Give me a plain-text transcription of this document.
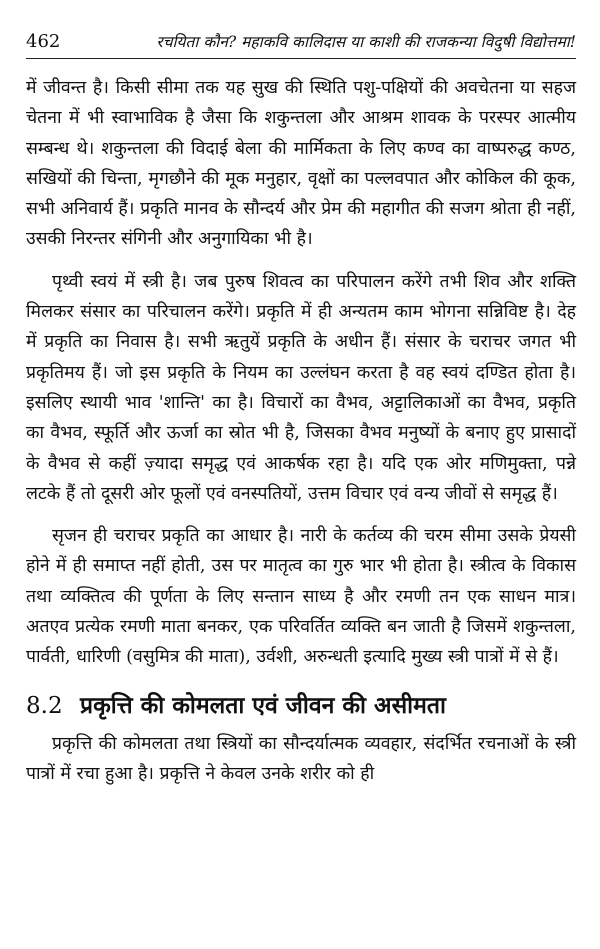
462	रचयिता कौन? महाकवि कालिदास या काशी की राजकन्या विदुषी विद्योत्तमा!

में जीवन्त है। किसी सीमा तक यह सुख की स्थिति पशु-पक्षियों की अवचेतना या सहज चेतना में भी स्वाभाविक है जैसा कि शकुन्तला और आश्रम शावक के परस्पर आत्मीय सम्बन्ध थे। शकुन्तला की विदाई बेला की मार्मिकता के लिए कण्व का वाष्परुद्ध कण्ठ, सखियों की चिन्ता, मृगछौने की मूक मनुहार, वृक्षों का पल्लवपात और कोकिल की कूक, सभी अनिवार्य हैं। प्रकृति मानव के सौन्दर्य और प्रेम की महागीत की सजग श्रोता ही नहीं, उसकी निरन्तर संगिनी और अनुगायिका भी है।

पृथ्वी स्वयं में स्त्री है। जब पुरुष शिवत्व का परिपालन करेंगे तभी शिव और शक्ति मिलकर संसार का परिचालन करेंगे। प्रकृति में ही अन्यतम काम भोगना सन्निविष्ट है। देह में प्रकृति का निवास है। सभी ऋतुयें प्रकृति के अधीन हैं। संसार के चराचर जगत भी प्रकृतिमय हैं। जो इस प्रकृति के नियम का उल्लंघन करता है वह स्वयं दण्डित होता है। इसलिए स्थायी भाव 'शान्ति' का है। विचारों का वैभव, अट्टालिकाओं का वैभव, प्रकृति का वैभव, स्फूर्ति और ऊर्जा का स्रोत भी है, जिसका वैभव मनुष्यों के बनाए हुए प्रासादों के वैभव से कहीं ज़्यादा समृद्ध एवं आकर्षक रहा है। यदि एक ओर मणिमुक्ता, पन्ने लटके हैं तो दूसरी ओर फूलों एवं वनस्पतियों, उत्तम विचार एवं वन्य जीवों से समृद्ध हैं।

सृजन ही चराचर प्रकृति का आधार है। नारी के कर्तव्य की चरम सीमा उसके प्रेयसी होने में ही समाप्त नहीं होती, उस पर मातृत्व का गुरु भार भी होता है। स्त्रीत्व के विकास तथा व्यक्तित्व की पूर्णता के लिए सन्तान साध्य है और रमणी तन एक साधन मात्र। अतएव प्रत्येक रमणी माता बनकर, एक परिवर्तित व्यक्ति बन जाती है जिसमें शकुन्तला, पार्वती, धारिणी (वसुमित्र की माता), उर्वशी, अरुन्धती इत्यादि मुख्य स्त्री पात्रों में से हैं।

8.2 प्रकृत्ति की कोमलता एवं जीवन की असीमता

प्रकृत्ति की कोमलता तथा स्त्रियों का सौन्दर्यात्मक व्यवहार, संदर्भित रचनाओं के स्त्री पात्रों में रचा हुआ है। प्रकृत्ति ने केवल उनके शरीर को ही
